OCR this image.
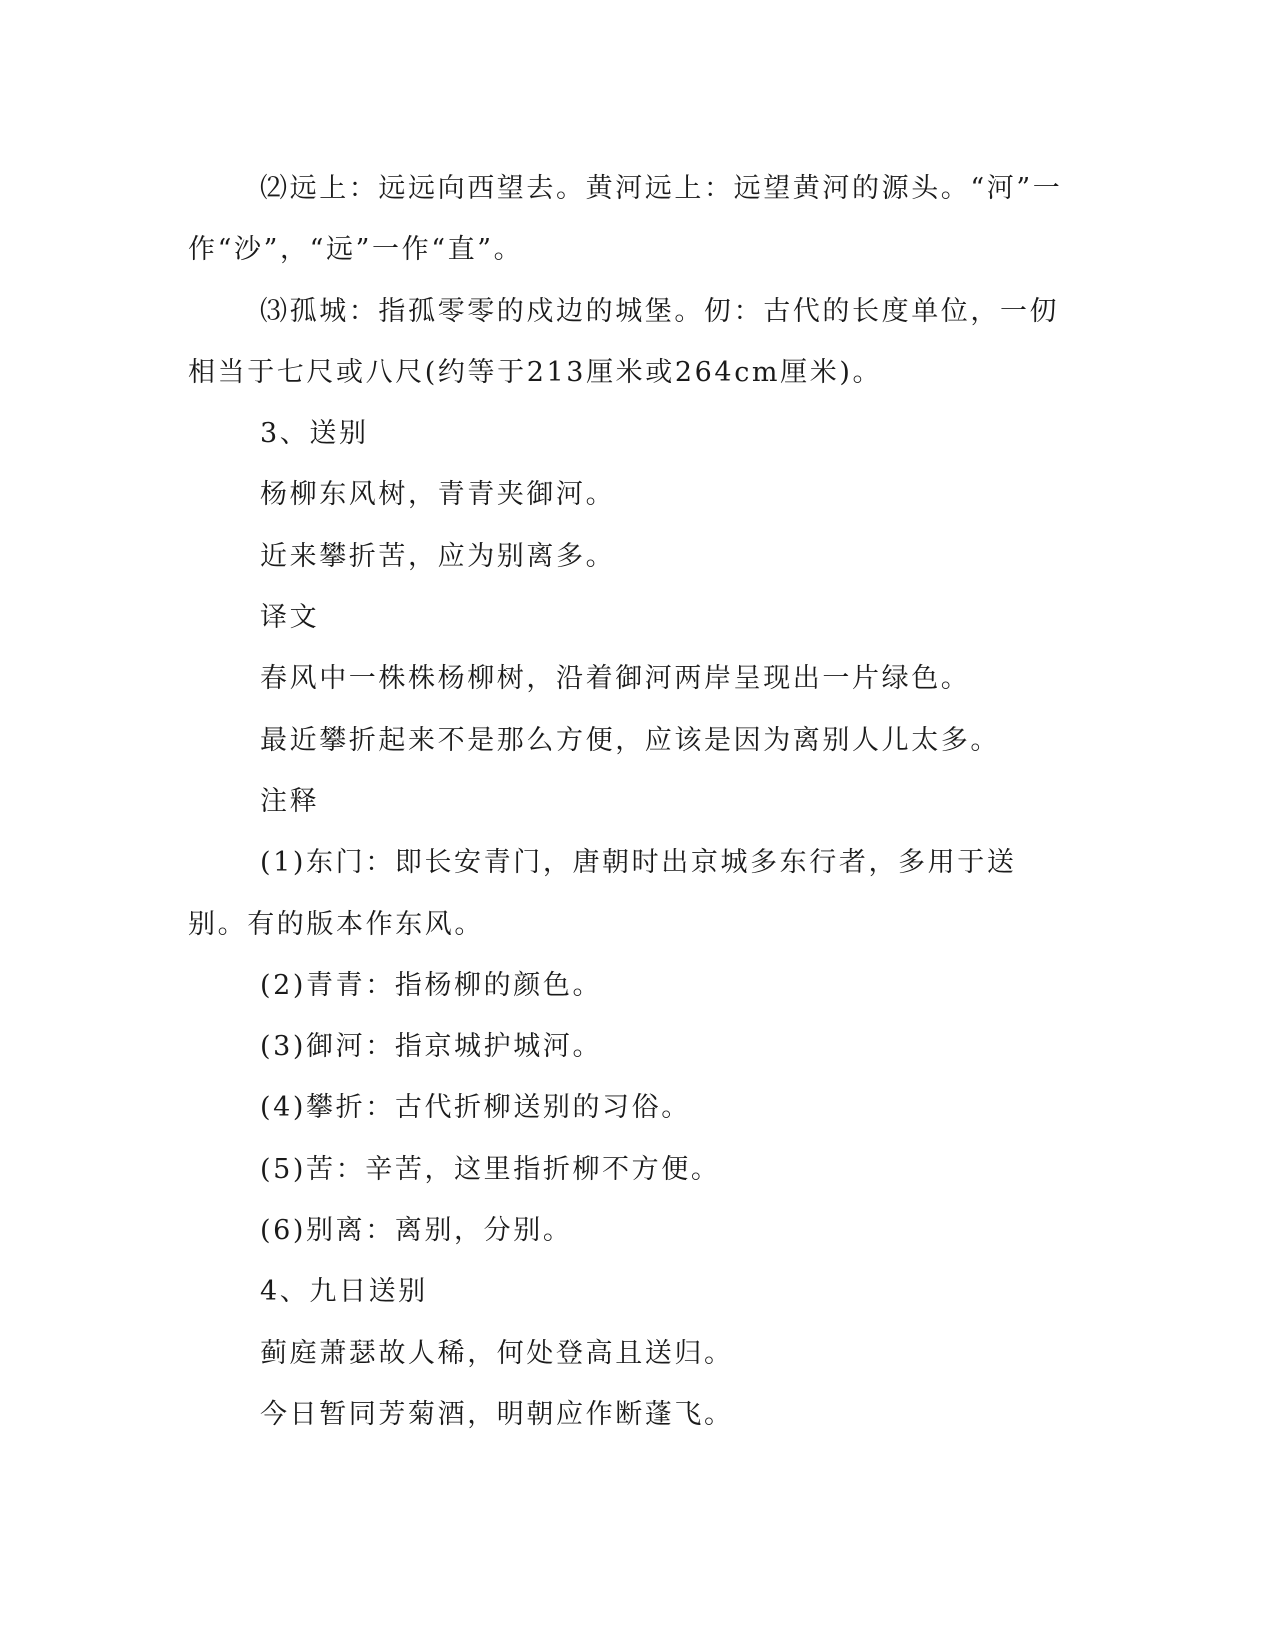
⑵远上：远远向西望去。黄河远上：远望黄河的源头。“河”一作“沙”，“远”一作“直”。

⑶孤城：指孤零零的戍边的城堡。仞：古代的长度单位，一仞相当于七尺或八尺(约等于213厘米或264cm厘米)。

3、送别

杨柳东风树，青青夹御河。

近来攀折苦，应为别离多。

译文

春风中一株株杨柳树，沿着御河两岸呈现出一片绿色。

最近攀折起来不是那么方便，应该是因为离别人儿太多。

注释

(1)东门：即长安青门，唐朝时出京城多东行者，多用于送别。有的版本作东风。

(2)青青：指杨柳的颜色。

(3)御河：指京城护城河。

(4)攀折：古代折柳送别的习俗。

(5)苦：辛苦，这里指折柳不方便。

(6)别离：离别，分别。

4、九日送别

蓟庭萧瑟故人稀，何处登高且送归。

今日暂同芳菊酒，明朝应作断蓬飞。
